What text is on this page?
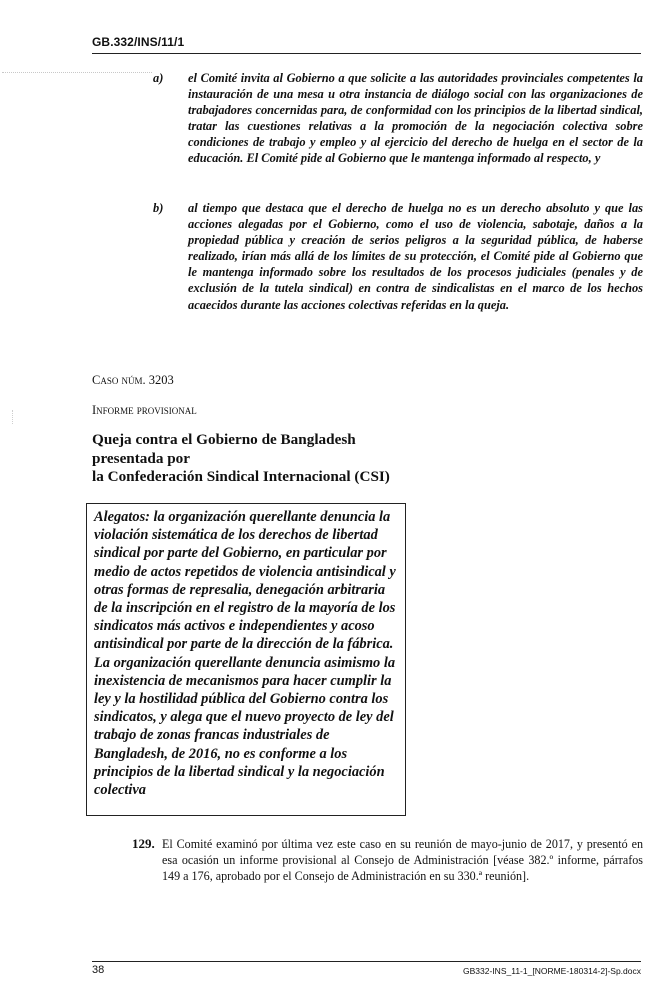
GB.332/INS/11/1
a)	el Comité invita al Gobierno a que solicite a las autoridades provinciales competentes la instauración de una mesa u otra instancia de diálogo social con las organizaciones de trabajadores concernidas para, de conformidad con los principios de la libertad sindical, tratar las cuestiones relativas a la promoción de la negociación colectiva sobre condiciones de trabajo y empleo y al ejercicio del derecho de huelga en el sector de la educación. El Comité pide al Gobierno que le mantenga informado al respecto, y
b)	al tiempo que destaca que el derecho de huelga no es un derecho absoluto y que las acciones alegadas por el Gobierno, como el uso de violencia, sabotaje, daños a la propiedad pública y creación de serios peligros a la seguridad pública, de haberse realizado, irían más allá de los límites de su protección, el Comité pide al Gobierno que le mantenga informado sobre los resultados de los procesos judiciales (penales y de exclusión de la tutela sindical) en contra de sindicalistas en el marco de los hechos acaecidos durante las acciones colectivas referidas en la queja.
Caso núm. 3203
Informe provisional
Queja contra el Gobierno de Bangladesh
presentada por
la Confederación Sindical Internacional (CSI)
Alegatos: la organización querellante denuncia la violación sistemática de los derechos de libertad sindical por parte del Gobierno, en particular por medio de actos repetidos de violencia antisindical y otras formas de represalia, denegación arbitraria de la inscripción en el registro de la mayoría de los sindicatos más activos e independientes y acoso antisindical por parte de la dirección de la fábrica. La organización querellante denuncia asimismo la inexistencia de mecanismos para hacer cumplir la ley y la hostilidad pública del Gobierno contra los sindicatos, y alega que el nuevo proyecto de ley del trabajo de zonas francas industriales de Bangladesh, de 2016, no es conforme a los principios de la libertad sindical y la negociación colectiva
129. El Comité examinó por última vez este caso en su reunión de mayo-junio de 2017, y presentó en esa ocasión un informe provisional al Consejo de Administración [véase 382.º informe, párrafos 149 a 176, aprobado por el Consejo de Administración en su 330.ª reunión].
38	GB332-INS_11-1_[NORME-180314-2]-Sp.docx
